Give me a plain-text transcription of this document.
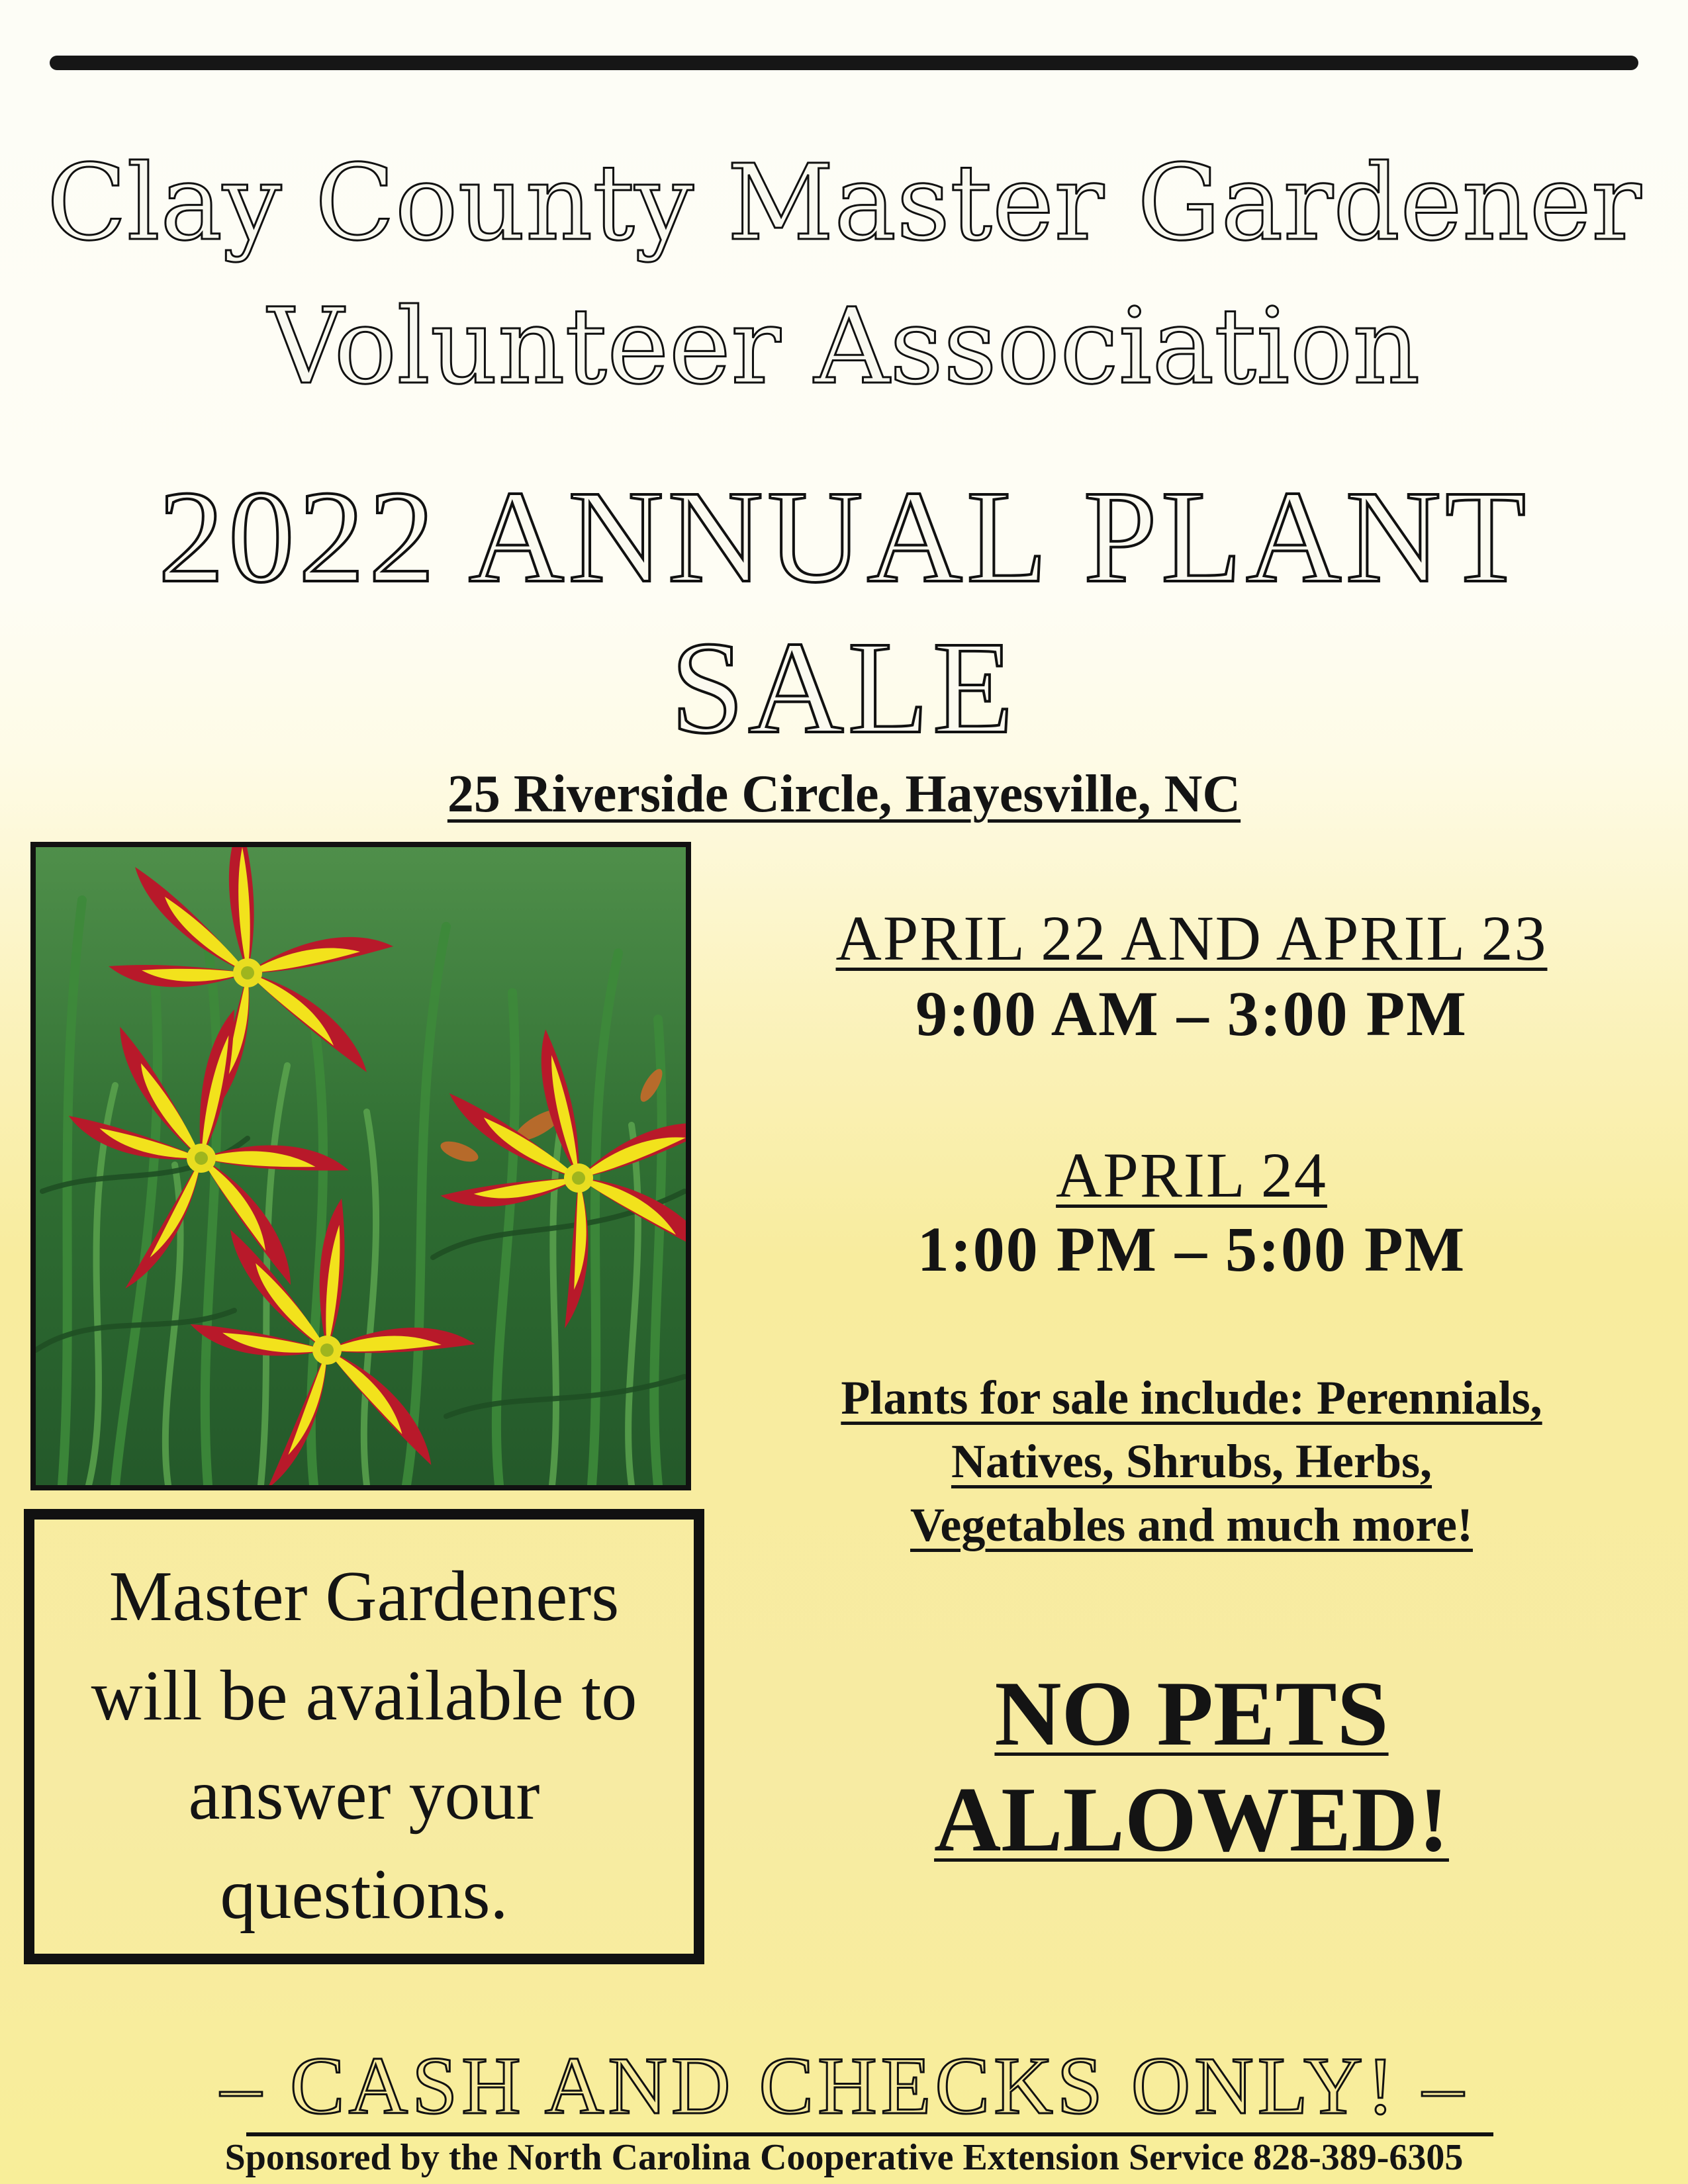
Clay County Master Gardener
Volunteer Association
2022 ANNUAL PLANT
SALE
25 Riverside Circle, Hayesville, NC
APRIL 22 AND APRIL 23
9:00 AM – 3:00 PM
APRIL 24
1:00 PM – 5:00 PM
Plants for sale include: Perennials,
Natives, Shrubs, Herbs,
Vegetables and much more!
NO PETS
ALLOWED!
Master Gardeners
will be available to
answer your
questions.
– CASH AND CHECKS ONLY! –
Sponsored by the North Carolina Cooperative Extension Service 828-389-6305
